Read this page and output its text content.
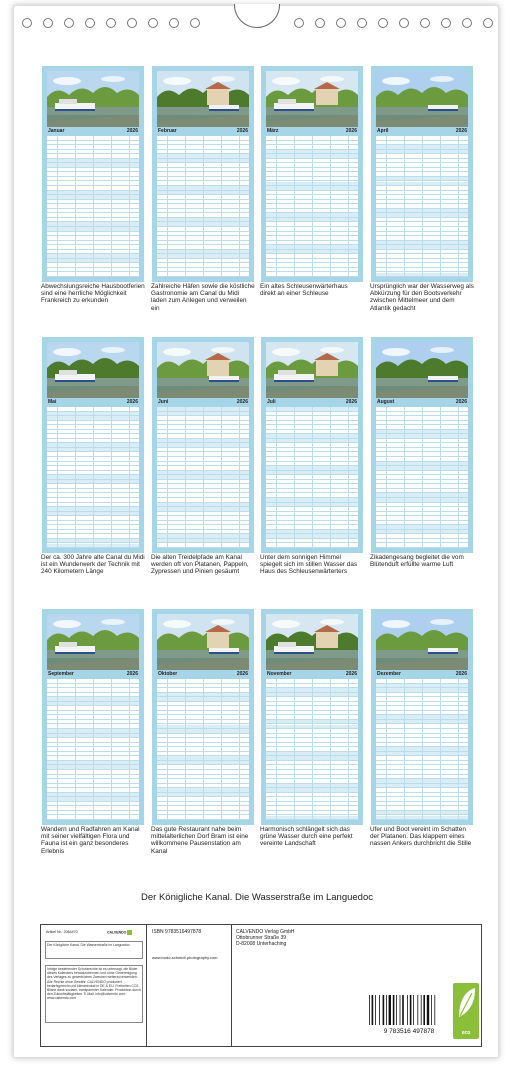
Januar	2026
Abwechslungsreiche Hausbootferien sind eine herrliche Möglichkeit Frankreich zu erkunden
Februar	2026
Zahlreiche Häfen sowie die köstliche Gastronomie am Canal du Midi laden zum Anlegen und verweilen ein
März	2026
Ein altes Schleusenwärterhaus direkt an einer Schleuse
April	2026
Ursprünglich war der Wasserweg als Abkürzung für den Bootsverkehr zwischen Mittelmeer und dem Atlantik gedacht
Mai	2026
Der ca. 300 Jahre alte Canal du Midi ist ein Wunderwerk der Technik mit 240 Kilometern Länge
Juni	2026
Die alten Treidelpfade am Kanal werden oft von Platanen, Pappeln, Zypressen und Pinien gesäumt
Juli	2026
Unter dem sonnigen Himmel spiegelt sich im stillen Wasser das Haus des Schleusenwärterters
August	2026
Zikadengesang begleitet die vom Blütenduft erfüllte warme Luft
September	2026
Wandern und Radfahren am Kanal mit seiner vielfältigen Flora und Fauna ist ein ganz besonderes Erlebnis
Oktober	2026
Das gute Restaurant nahe beim mittelalterlichen Dorf Bram ist eine willkommene Pausenstation am Kanal
November	2026
Harmonisch schlängelt sich das grüne Wasser durch eine perfekt vereinte Landschaft
Dezember	2026
Ufer und Boot vereint im Schatten der Platanen. Das klappern eines nassen Ankers durchbricht die Stille
Der Königliche Kanal. Die Wasserstraße im Languedoc
Artikel Nr.: 2064470	CALVENDO
Der Königliche Kanal. Die Wasserstraße im Languedoc
Infolge bestehender Schutzrechte ist es untersagt, die Bilder dieses Kalenders herauszutrennen und ohne Genehmigung des Verlages zu gewerblichen Zwecken weiterzuverwenden. Alle Rechte ohne Gewähr. CALVENDO produziert bedarfsgerecht und klimaneutral in DE & EU. Freiheiten CO2-Bilanz dank sozialer, transparenter Kalender. Produktion durch den Zukunftstätigkeiten. E-Mail: info@calvendo.com · www.calvendo.com
ISBN 9783516497878
www.bodo-schmidt-photography.com
CALVENDO Verlag GmbH
Ottobrunner Straße 39
D-82008 Unterhaching
9 783516 497878	eco
